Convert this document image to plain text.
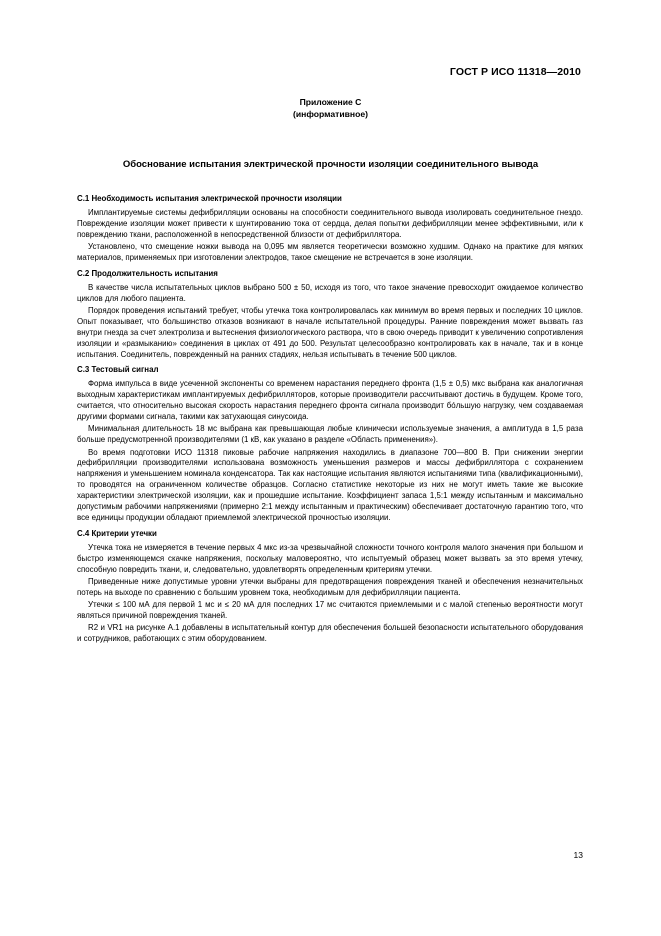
ГОСТ Р ИСО 11318—2010
Приложение С
(информативное)
Обоснование испытания электрической прочности изоляции соединительного вывода
С.1 Необходимость испытания электрической прочности изоляции

Имплантируемые системы дефибрилляции основаны на способности соединительного вывода изолировать соединительное гнездо. Повреждение изоляции может привести к шунтированию тока от сердца, делая попытки дефибрилляции менее эффективными, или к повреждению ткани, расположенной в непосредственной близости от дефибриллятора.

Установлено, что смещение ножки вывода на 0,095 мм является теоретически возможно худшим. Однако на практике для мягких материалов, применяемых при изготовлении электродов, такое смещение не встречается в зоне изоляции.

С.2 Продолжительность испытания

В качестве числа испытательных циклов выбрано 500 ± 50, исходя из того, что такое значение превосходит ожидаемое количество циклов для любого пациента.

Порядок проведения испытаний требует, чтобы утечка тока контролировалась как минимум во время первых и последних 10 циклов. Опыт показывает, что большинство отказов возникают в начале испытательной процедуры. Ранние повреждения может вызвать газ внутри гнезда за счет электролиза и вытеснения физиологического раствора, что в свою очередь приводит к увеличению сопротивления изоляции и «размыканию» соединения в циклах от 491 до 500. Результат целесообразно контролировать как в начале, так и в конце испытания. Соединитель, поврежденный на ранних стадиях, нельзя испытывать в течение 500 циклов.

С.3 Тестовый сигнал

Форма импульса в виде усеченной экспоненты со временем нарастания переднего фронта (1,5 ± 0,5) мкс выбрана как аналогичная выходным характеристикам имплантируемых дефибрилляторов, которые производители рассчитывают достичь в будущем. Кроме того, считается, что относительно высокая скорость нарастания переднего фронта сигнала производит бóльшую нагрузку, чем создаваемая другими формами сигнала, такими как затухающая синусоида.

Минимальная длительность 18 мс выбрана как превышающая любые клинически используемые значения, а амплитуда в 1,5 раза больше предусмотренной производителями (1 кВ, как указано в разделе «Область применения»).

Во время подготовки ИСО 11318 пиковые рабочие напряжения находились в диапазоне 700—800 В. При снижении энергии дефибрилляции производителями использована возможность уменьшения размеров и массы дефибриллятора с сохранением напряжения и уменьшением номинала конденсатора. Так как настоящие испытания являются испытаниями типа (квалификационными), то проводятся на ограниченном количестве образцов. Согласно статистике некоторые из них не могут иметь такие же высокие характеристики электрической изоляции, как и прошедшие испытание. Коэффициент запаса 1,5:1 между испытанным и максимально допустимым рабочими напряжениями (примерно 2:1 между испытанным и практическим) обеспечивает достаточную гарантию того, что все единицы продукции обладают приемлемой электрической прочностью изоляции.

С.4 Критерии утечки

Утечка тока не измеряется в течение первых 4 мкс из-за чрезвычайной сложности точного контроля малого значения при большом и быстро изменяющемся скачке напряжения, поскольку маловероятно, что испытуемый образец может вызвать за это время утечку, способную повредить ткани, и, следовательно, удовлетворять определенным критериям утечки.

Приведенные ниже допустимые уровни утечки выбраны для предотвращения повреждения тканей и обеспечения незначительных потерь на выходе по сравнению с большим уровнем тока, необходимым для дефибрилляции пациента.

Утечки ≤ 100 мА для первой 1 мс и ≤ 20 мА для последних 17 мс считаются приемлемыми и с малой степенью вероятности могут являться причиной повреждения тканей.

R2 и VR1 на рисунке А.1 добавлены в испытательный контур для обеспечения большей безопасности испытательного оборудования и сотрудников, работающих с этим оборудованием.

13
